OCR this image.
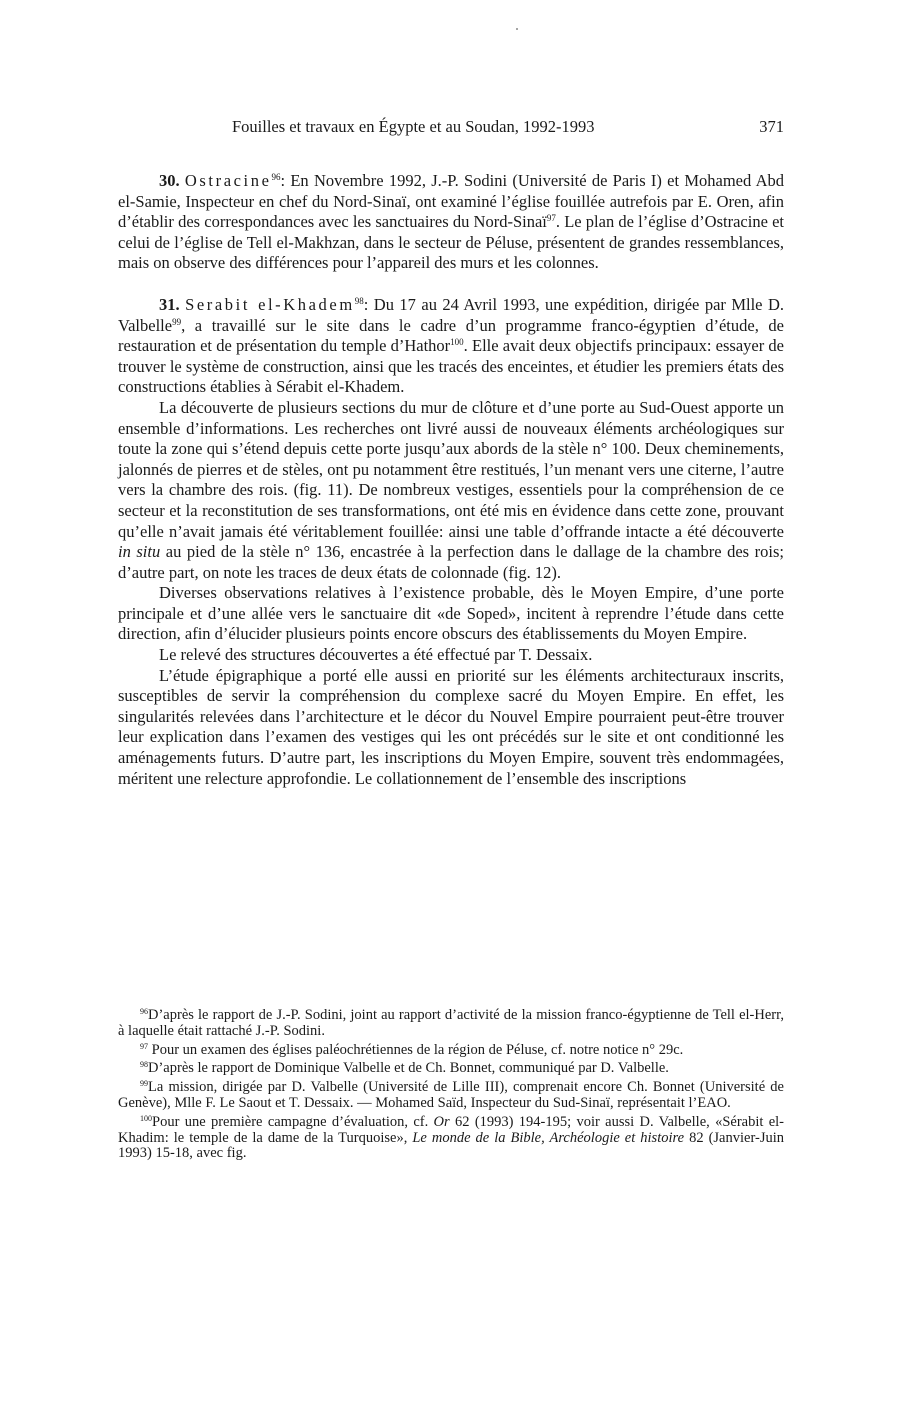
Fouilles et travaux en Égypte et au Soudan, 1992-1993	371

30. Ostracine$^{96}$: En Novembre 1992, J.-P. Sodini (Université de Paris I) et Mohamed Abd el-Samie, Inspecteur en chef du Nord-Sinaï, ont examiné l’église fouillée autrefois par E. Oren, afin d’établir des correspondances avec les sanctuaires du Nord-Sinaï$^{97}$. Le plan de l’église d’Ostracine et celui de l’église de Tell el-Makhzan, dans le secteur de Péluse, présentent de grandes ressemblances, mais on observe des différences pour l’appareil des murs et les colonnes.

31. Serabit el-Khadem$^{98}$: Du 17 au 24 Avril 1993, une expédition, dirigée par Mlle D. Valbelle$^{99}$, a travaillé sur le site dans le cadre d’un programme franco-égyptien d’étude, de restauration et de présentation du temple d’Hathor$^{100}$. Elle avait deux objectifs principaux: essayer de trouver le système de construction, ainsi que les tracés des enceintes, et étudier les premiers états des constructions établies à Sérabit el-Khadem.

La découverte de plusieurs sections du mur de clôture et d’une porte au Sud-Ouest apporte un ensemble d’informations. Les recherches ont livré aussi de nouveaux éléments archéologiques sur toute la zone qui s’étend depuis cette porte jusqu’aux abords de la stèle n° 100. Deux cheminements, jalonnés de pierres et de stèles, ont pu notamment être restitués, l’un menant vers une citerne, l’autre vers la chambre des rois. (fig. 11). De nombreux vestiges, essentiels pour la compréhension de ce secteur et la reconstitution de ses transformations, ont été mis en évidence dans cette zone, prouvant qu’elle n’avait jamais été véritablement fouillée: ainsi une table d’offrande intacte a été découverte in situ au pied de la stèle n° 136, encastrée à la perfection dans le dallage de la chambre des rois; d’autre part, on note les traces de deux états de colonnade (fig. 12).

Diverses observations relatives à l’existence probable, dès le Moyen Empire, d’une porte principale et d’une allée vers le sanctuaire dit «de Soped», incitent à reprendre l’étude dans cette direction, afin d’élucider plusieurs points encore obscurs des établissements du Moyen Empire.

Le relevé des structures découvertes a été effectué par T. Dessaix.

L’étude épigraphique a porté elle aussi en priorité sur les éléments architecturaux inscrits, susceptibles de servir la compréhension du complexe sacré du Moyen Empire. En effet, les singularités relevées dans l’architecture et le décor du Nouvel Empire pourraient peut-être trouver leur explication dans l’examen des vestiges qui les ont précédés sur le site et ont conditionné les aménagements futurs. D’autre part, les inscriptions du Moyen Empire, souvent très endommagées, méritent une relecture approfondie. Le collationnement de l’ensemble des inscriptions

$^{96}$D’après le rapport de J.-P. Sodini, joint au rapport d’activité de la mission franco-égyptienne de Tell el-Herr, à laquelle était rattaché J.-P. Sodini.

$^{97}$ Pour un examen des églises paléochrétiennes de la région de Péluse, cf. notre notice n° 29c.

$^{98}$D’après le rapport de Dominique Valbelle et de Ch. Bonnet, communiqué par D. Valbelle.

$^{99}$La mission, dirigée par D. Valbelle (Université de Lille III), comprenait encore Ch. Bonnet (Université de Genève), Mlle F. Le Saout et T. Dessaix. — Mohamed Saïd, Inspecteur du Sud-Sinaï, représentait l’EAO.

$^{100}$Pour une première campagne d’évaluation, cf. Or 62 (1993) 194-195; voir aussi D. Valbelle, «Sérabit el-Khadim: le temple de la dame de la Turquoise», Le monde de la Bible, Archéologie et histoire 82 (Janvier-Juin 1993) 15-18, avec fig.
